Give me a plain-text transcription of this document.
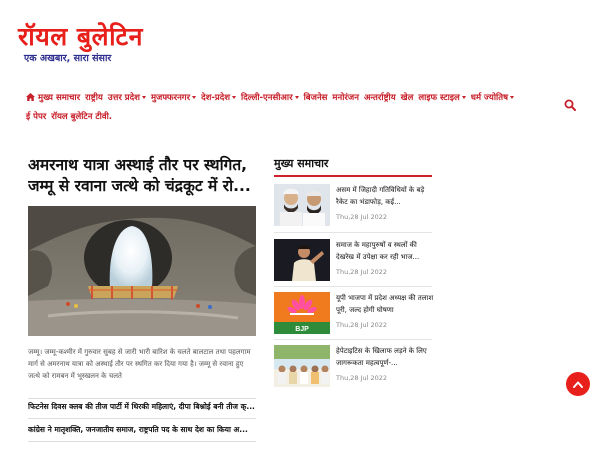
रॉयल बुलेटिन
एक अखबार, सारा संसार
मुख्य समाचार राष्ट्रीय उत्तर प्रदेश मुजफ्फरनगर देश-प्रदेश दिल्ली-एनसीआर बिजनेस मनोरंजन अन्तर्राष्ट्रीय खेल लाइफ स्टाइल धर्म ज्योतिष
ई पेपर रॉयल बुलेटिन टीवी.
अमरनाथ यात्रा अस्थाई तौर पर स्थगित, जम्मू से रवाना जत्थे को चंद्रकूट में रो...

जम्मू। जम्मू-कश्मीर में गुरुवार सुबह से जारी भारी बारिश के चलते बालटाल तथा पहलगाम मार्ग से अमरनाथ यात्रा को अस्थाई तौर पर स्थगित कर दिया गया है। जम्मू से रवाना हुए जत्थे को रामबन में भूस्खलन के चलते

फिटनेस दिवस क्लब की तीज पार्टी में थिरकी महिलाएं, दीपा बिश्नोई बनी तीज क्...
कांग्रेस ने मातृशक्ति, जनजातीय समाज, राष्ट्रपति पद के साथ देश का किया अ...
मुख्य समाचार
असम में जिहादी गतिविधियों के बड़े रैकेट का भंडाफोड़, कई...
Thu,28 Jul 2022
समाज के महापुरुषों व स्थलों की देखरेख में उपेक्षा कर रही भाज...
Thu,28 Jul 2022
BJP
यूपी भाजपा में प्रदेश अध्यक्ष की तलाश पूरी, जल्द होगी घोषणा
Thu,28 Jul 2022
हेपेटाइटिस के खिलाफ लड़ने के लिए जागरूकता महत्वपूर्ण-...
Thu,28 Jul 2022
